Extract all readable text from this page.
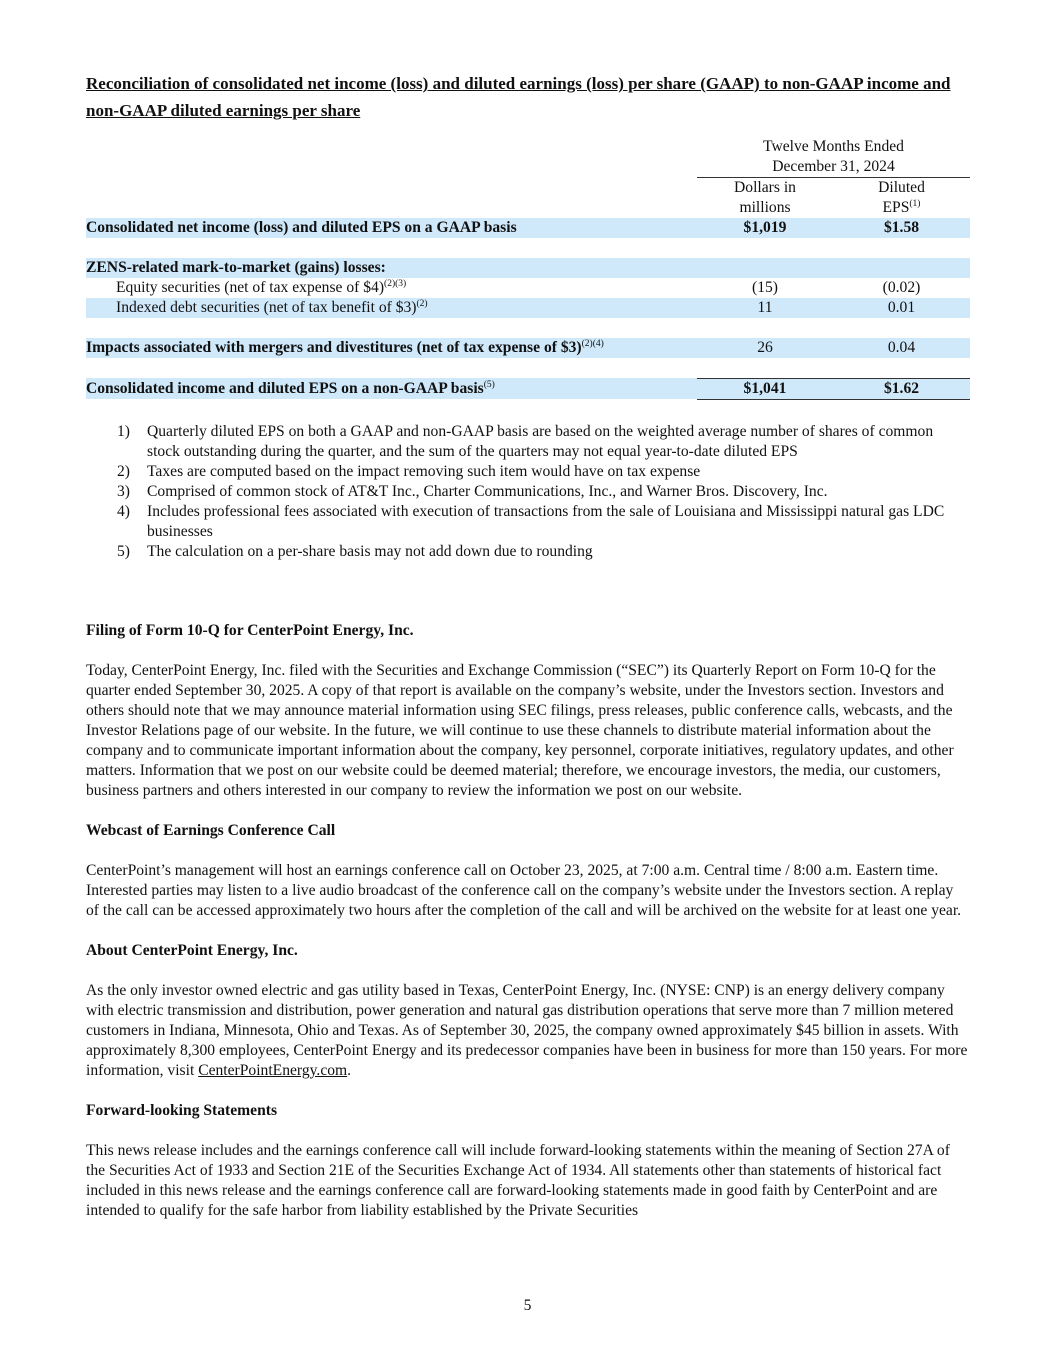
Reconciliation of consolidated net income (loss) and diluted earnings (loss) per share (GAAP) to non-GAAP income and non-GAAP diluted earnings per share
	Twelve Months Ended	
	December 31, 2024	
	Dollars in	Diluted
	millions	EPS$^{(1)}$
Consolidated net income (loss) and diluted EPS on a GAAP basis	$1,019	$1.58

ZENS-related mark-to-market (gains) losses:		
Equity securities (net of tax expense of $4)$^{(2)(3)}$	(15)	(0.02)
Indexed debt securities (net of tax benefit of $3)$^{(2)}$	11	0.01

Impacts associated with mergers and divestitures (net of tax expense of $3)$^{(2)(4)}$	26	0.04

Consolidated income and diluted EPS on a non-GAAP basis$^{(5)}$	$1,041	$1.62
1) Quarterly diluted EPS on both a GAAP and non-GAAP basis are based on the weighted average number of shares of common stock outstanding during the quarter, and the sum of the quarters may not equal year-to-date diluted EPS
2) Taxes are computed based on the impact removing such item would have on tax expense
3) Comprised of common stock of AT&T Inc., Charter Communications, Inc., and Warner Bros. Discovery, Inc.
4) Includes professional fees associated with execution of transactions from the sale of Louisiana and Mississippi natural gas LDC businesses
5) The calculation on a per-share basis may not add down due to rounding
Filing of Form 10-Q for CenterPoint Energy, Inc.

Today, CenterPoint Energy, Inc. filed with the Securities and Exchange Commission (“SEC”) its Quarterly Report on Form 10-Q for the quarter ended September 30, 2025. A copy of that report is available on the company’s website, under the Investors section. Investors and others should note that we may announce material information using SEC filings, press releases, public conference calls, webcasts, and the Investor Relations page of our website. In the future, we will continue to use these channels to distribute material information about the company and to communicate important information about the company, key personnel, corporate initiatives, regulatory updates, and other matters. Information that we post on our website could be deemed material; therefore, we encourage investors, the media, our customers, business partners and others interested in our company to review the information we post on our website.

Webcast of Earnings Conference Call

CenterPoint’s management will host an earnings conference call on October 23, 2025, at 7:00 a.m. Central time / 8:00 a.m. Eastern time. Interested parties may listen to a live audio broadcast of the conference call on the company’s website under the Investors section. A replay of the call can be accessed approximately two hours after the completion of the call and will be archived on the website for at least one year.

About CenterPoint Energy, Inc.

As the only investor owned electric and gas utility based in Texas, CenterPoint Energy, Inc. (NYSE: CNP) is an energy delivery company with electric transmission and distribution, power generation and natural gas distribution operations that serve more than 7 million metered customers in Indiana, Minnesota, Ohio and Texas. As of September 30, 2025, the company owned approximately $45 billion in assets. With approximately 8,300 employees, CenterPoint Energy and its predecessor companies have been in business for more than 150 years. For more information, visit CenterPointEnergy.com.

Forward-looking Statements

This news release includes and the earnings conference call will include forward-looking statements within the meaning of Section 27A of the Securities Act of 1933 and Section 21E of the Securities Exchange Act of 1934. All statements other than statements of historical fact included in this news release and the earnings conference call are forward-looking statements made in good faith by CenterPoint and are intended to qualify for the safe harbor from liability established by the Private Securities

5
